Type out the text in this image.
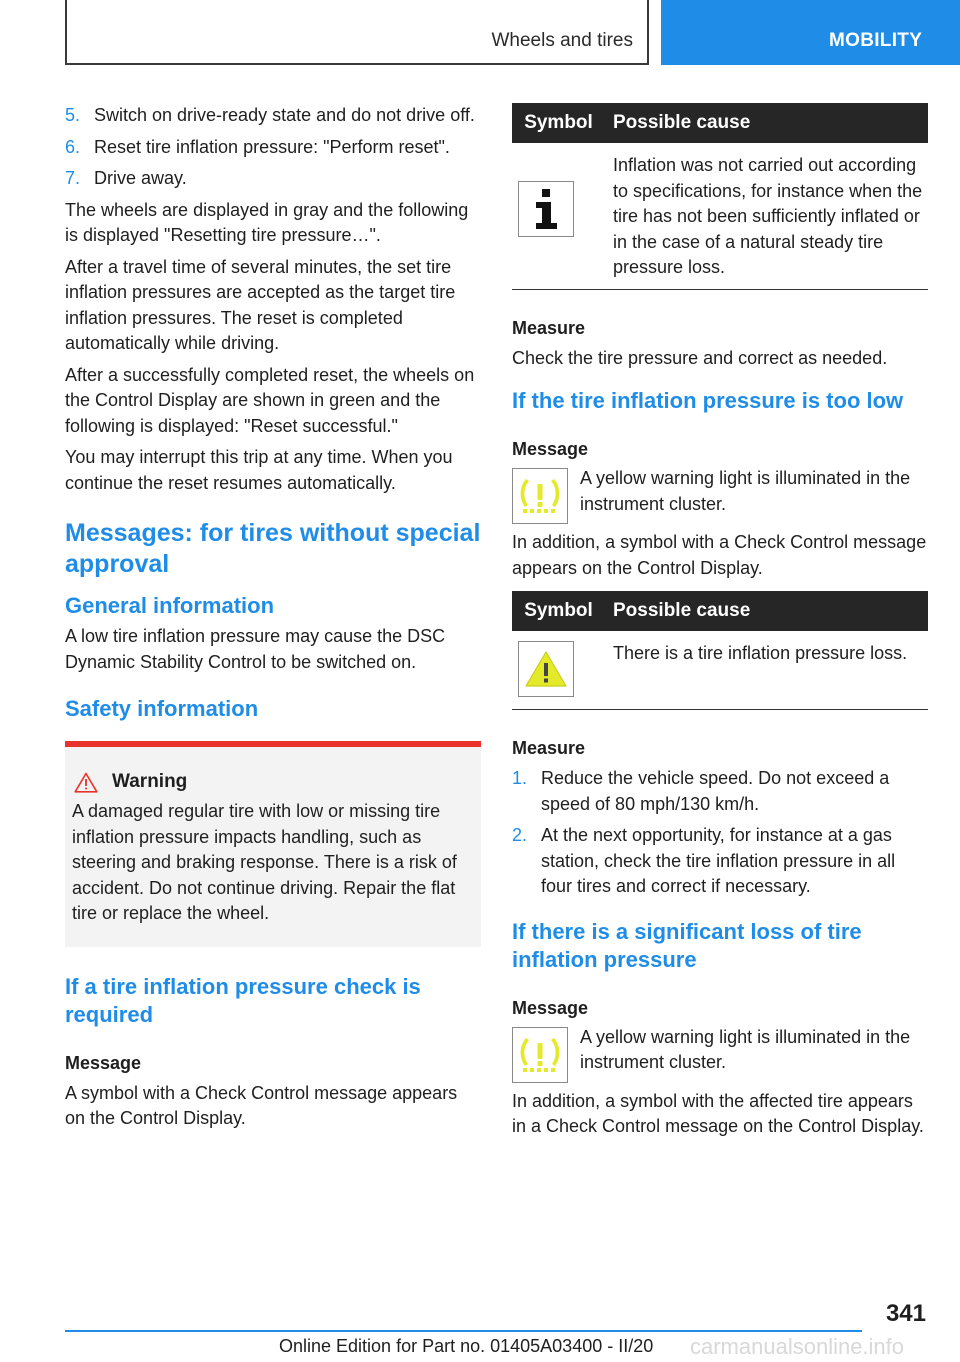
Wheels and tires	MOBILITY
5. Switch on drive-ready state and do not drive off.
6. Reset tire inflation pressure: "Perform reset".
7. Drive away.

The wheels are displayed in gray and the following is displayed "Resetting tire pressure…".

After a travel time of several minutes, the set tire inflation pressures are accepted as the target tire inflation pressures. The reset is completed automatically while driving.

After a successfully completed reset, the wheels on the Control Display are shown in green and the following is displayed: "Reset successful."

You may interrupt this trip at any time. When you continue the reset resumes automatically.

Messages: for tires without special approval
General information

A low tire inflation pressure may cause the DSC Dynamic Stability Control to be switched on.

Safety information
Warning

A damaged regular tire with low or missing tire inflation pressure impacts handling, such as steering and braking response. There is a risk of accident. Do not continue driving. Repair the flat tire or replace the wheel.

If a tire inflation pressure check is required
Message

A symbol with a Check Control message appears on the Control Display.

Symbol	Possible cause

	Inflation was not carried out according to specifications, for instance when the tire has not been sufficiently inflated or in the case of a natural steady tire pressure loss.
Measure

Check the tire pressure and correct as needed.

If the tire inflation pressure is too low
Message
A yellow warning light is illuminated in the instrument cluster.

In addition, a symbol with a Check Control message appears on the Control Display.

Symbol	Possible cause

	There is a tire inflation pressure loss.
Measure
1. Reduce the vehicle speed. Do not exceed a speed of 80 mph/130 km/h.
2. At the next opportunity, for instance at a gas station, check the tire inflation pressure in all four tires and correct if necessary.
If there is a significant loss of tire inflation pressure
Message
A yellow warning light is illuminated in the instrument cluster.

In addition, a symbol with the affected tire appears in a Check Control message on the Control Display.

341
Online Edition for Part no. 01405A03400 - II/20 carmanualsonline.info
